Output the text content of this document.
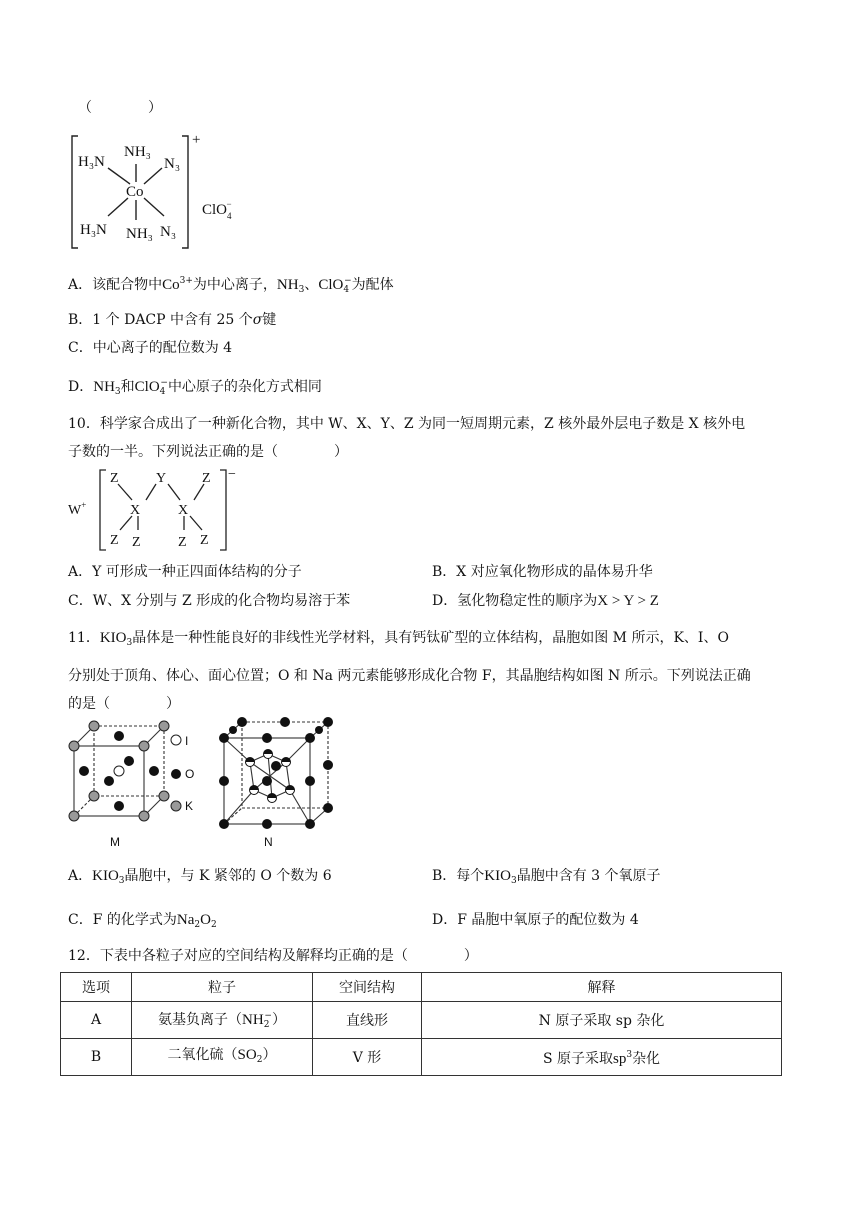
（　　　　）
NH₃
H₃N	N₃
Co
H₃N NH₃ N₃
+
ClO$_4$−
A．该配合物中$Co^{3+}$为中心离子，$NH_3$、ClO$_4$−为配体
B．1 个 DACP 中含有 25 个σ键
C．中心离子的配位数为 4
D．$NH_3$和ClO$_4$−中心原子的杂化方式相同
10．科学家合成出了一种新化合物，其中 W、X、Y、Z 为同一短周期元素，Z 核外最外层电子数是 X 核外电
子数的一半。下列说法正确的是（　　　　）
W+
−
Z	Y	Z
X	X
Z Z	Z Z
A．Y 可形成一种正四面体结构的分子	B．X 对应氧化物形成的晶体易升华
C．W、X 分别与 Z 形成的化合物均易溶于苯	D．氢化物稳定性的顺序为X > Y > Z
11．$KIO_3$晶体是一种性能良好的非线性光学材料，具有钙钛矿型的立体结构，晶胞如图 M 所示，K、I、O
分别处于顶角、体心、面心位置；O 和 Na 两元素能够形成化合物 F，其晶胞结构如图 N 所示。下列说法正确
的是（　　　　）
M
I
O
K
N
A．$KIO_3$晶胞中，与 K 紧邻的 O 个数为 6	B．每个$KIO_3$晶胞中含有 3 个氧原子
C．F 的化学式为$Na_2O_2$	D．F 晶胞中氧原子的配位数为 4
12．下表中各粒子对应的空间结构及解释均正确的是（　　　　）
选项	粒子	空间结构	解释
A	氨基负离子$(NH_2^-)$	直线形	N 原子采取 sp 杂化
B	二氧化硫$(SO_2)$	V 形	S 原子采取$sp^3$杂化
